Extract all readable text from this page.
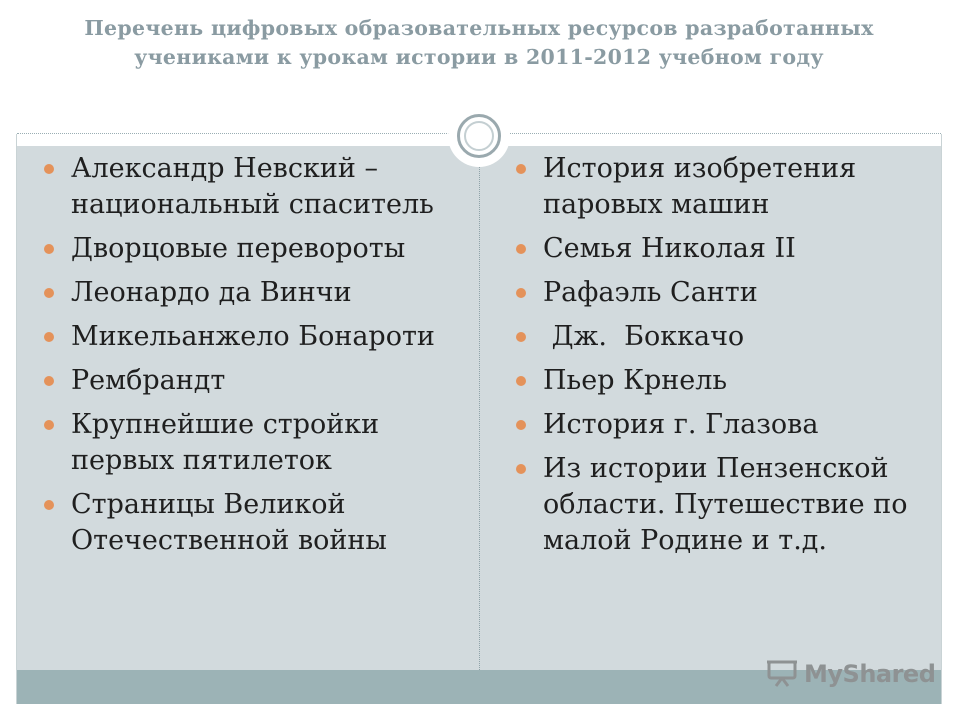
Перечень цифровых образовательных ресурсов разработанных
учениками к урокам истории в 2011-2012 учебном году
Александр Невский – национальный спаситель
Дворцовые перевороты
Леонардо да Винчи
Микельанжело Бонароти
Рембрандт
Крупнейшие стройки первых пятилеток
Страницы Великой Отечественной войны
История изобретения паровых машин
Семья Николая II
Рафаэль Санти
Дж.  Боккачо
Пьер Крнель
История г. Глазова
Из истории Пензенской области. Путешествие по малой Родине и т.д.
MyShared
